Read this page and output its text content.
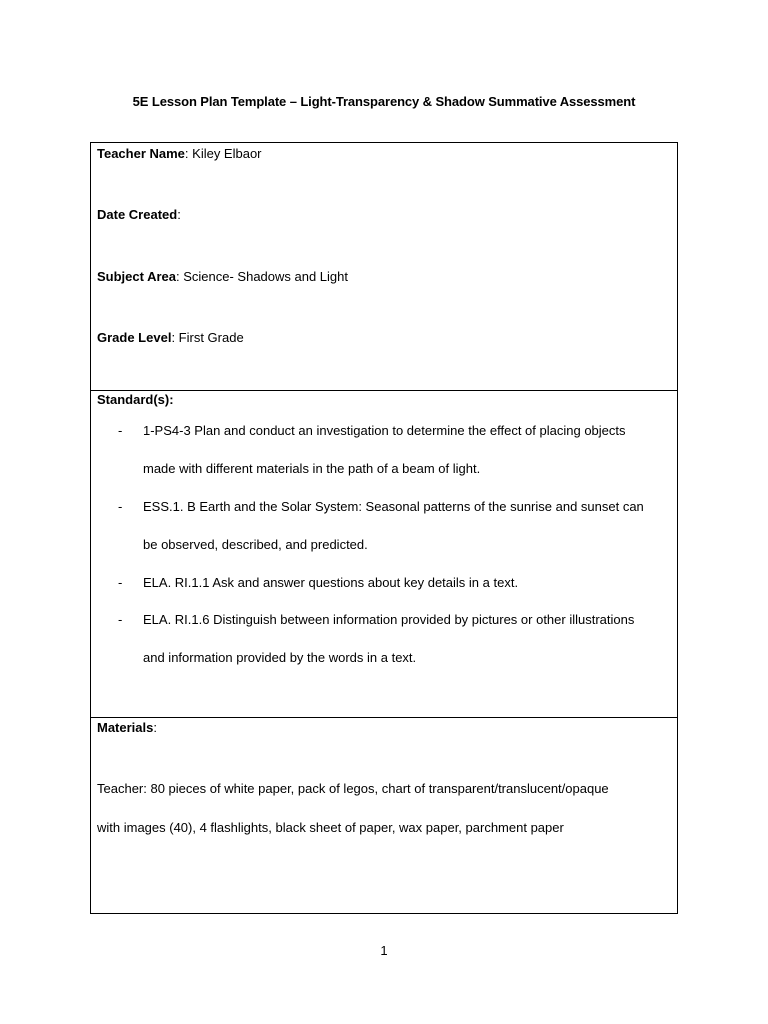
5E Lesson Plan Template – Light-Transparency & Shadow Summative Assessment
Teacher Name: Kiley Elbaor
Date Created:
Subject Area: Science- Shadows and Light
Grade Level: First Grade
Standard(s):
- 1-PS4-3 Plan and conduct an investigation to determine the effect of placing objects
made with different materials in the path of a beam of light.
- ESS.1. B Earth and the Solar System: Seasonal patterns of the sunrise and sunset can
be observed, described, and predicted.
- ELA. RI.1.1 Ask and answer questions about key details in a text.
- ELA. RI.1.6 Distinguish between information provided by pictures or other illustrations
and information provided by the words in a text.
Materials:
Teacher: 80 pieces of white paper, pack of legos, chart of transparent/translucent/opaque
with images (40), 4 flashlights, black sheet of paper, wax paper, parchment paper
1
